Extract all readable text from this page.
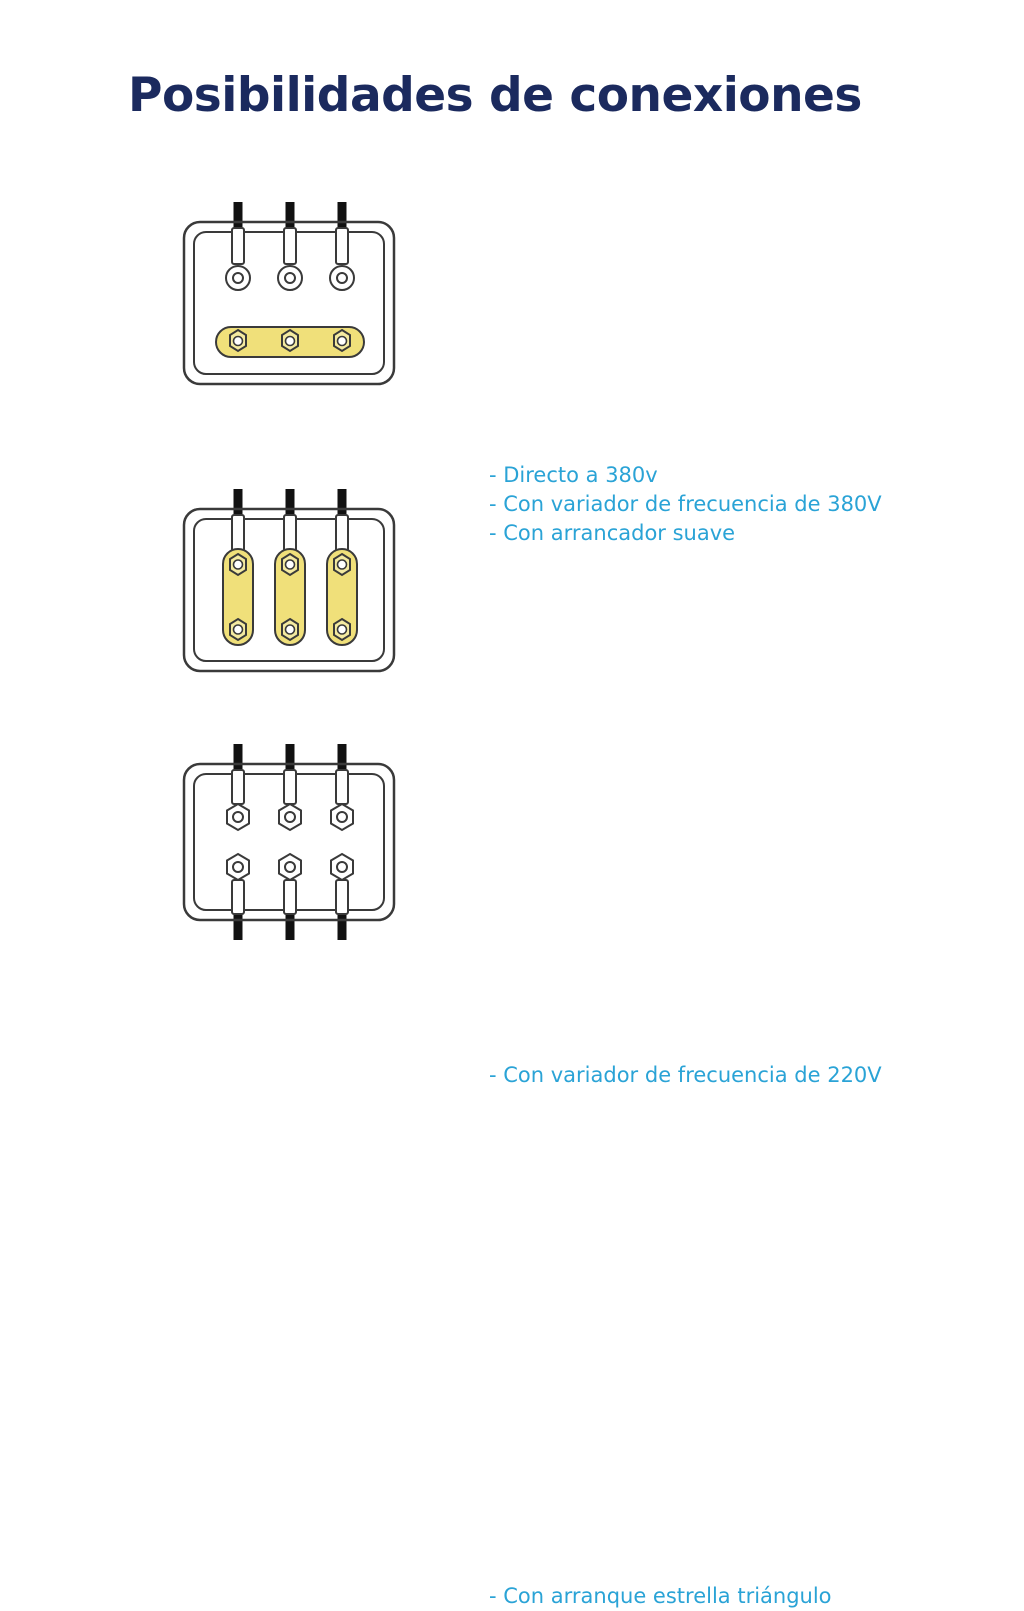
Posibilidades de conexiones
- Directo a 380v
- Con variador de frecuencia de 380V
- Con arrancador suave
- Con variador de frecuencia de 220V
- Con arranque estrella triángulo
